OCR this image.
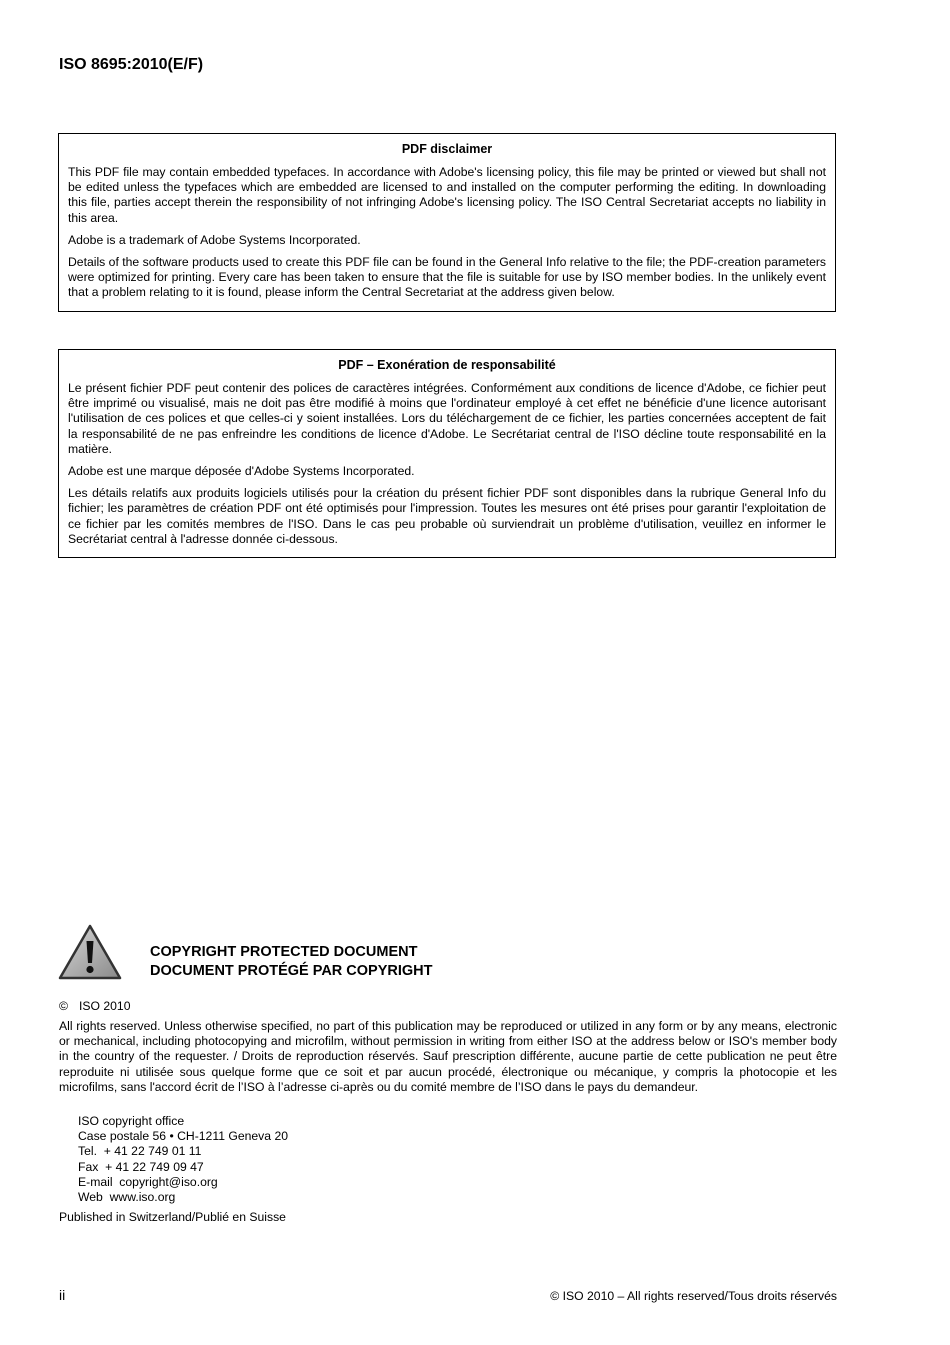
ISO 8695:2010(E/F)
PDF disclaimer

This PDF file may contain embedded typefaces. In accordance with Adobe's licensing policy, this file may be printed or viewed but shall not be edited unless the typefaces which are embedded are licensed to and installed on the computer performing the editing. In downloading this file, parties accept therein the responsibility of not infringing Adobe's licensing policy. The ISO Central Secretariat accepts no liability in this area.

Adobe is a trademark of Adobe Systems Incorporated.

Details of the software products used to create this PDF file can be found in the General Info relative to the file; the PDF-creation parameters were optimized for printing. Every care has been taken to ensure that the file is suitable for use by ISO member bodies. In the unlikely event that a problem relating to it is found, please inform the Central Secretariat at the address given below.

PDF – Exonération de responsabilité

Le présent fichier PDF peut contenir des polices de caractères intégrées. Conformément aux conditions de licence d'Adobe, ce fichier peut être imprimé ou visualisé, mais ne doit pas être modifié à moins que l'ordinateur employé à cet effet ne bénéficie d'une licence autorisant l'utilisation de ces polices et que celles-ci y soient installées. Lors du téléchargement de ce fichier, les parties concernées acceptent de fait la responsabilité de ne pas enfreindre les conditions de licence d'Adobe. Le Secrétariat central de l'ISO décline toute responsabilité en la matière.

Adobe est une marque déposée d'Adobe Systems Incorporated.

Les détails relatifs aux produits logiciels utilisés pour la création du présent fichier PDF sont disponibles dans la rubrique General Info du fichier; les paramètres de création PDF ont été optimisés pour l'impression. Toutes les mesures ont été prises pour garantir l'exploitation de ce fichier par les comités membres de l'ISO. Dans le cas peu probable où surviendrait un problème d'utilisation, veuillez en informer le Secrétariat central à l'adresse donnée ci-dessous.

COPYRIGHT PROTECTED DOCUMENT
DOCUMENT PROTÉGÉ PAR COPYRIGHT
© ISO 2010

All rights reserved. Unless otherwise specified, no part of this publication may be reproduced or utilized in any form or by any means, electronic or mechanical, including photocopying and microfilm, without permission in writing from either ISO at the address below or ISO's member body in the country of the requester. / Droits de reproduction réservés. Sauf prescription différente, aucune partie de cette publication ne peut être reproduite ni utilisée sous quelque forme que ce soit et par aucun procédé, électronique ou mécanique, y compris la photocopie et les microfilms, sans l'accord écrit de l’ISO à l’adresse ci-après ou du comité membre de l’ISO dans le pays du demandeur.

ISO copyright office
Case postale 56 • CH-1211 Geneva 20
Tel.  + 41 22 749 01 11
Fax  + 41 22 749 09 47
E-mail  copyright@iso.org
Web  www.iso.org
Published in Switzerland/Publié en Suisse
ii	© ISO 2010 – All rights reserved/Tous droits réservés
